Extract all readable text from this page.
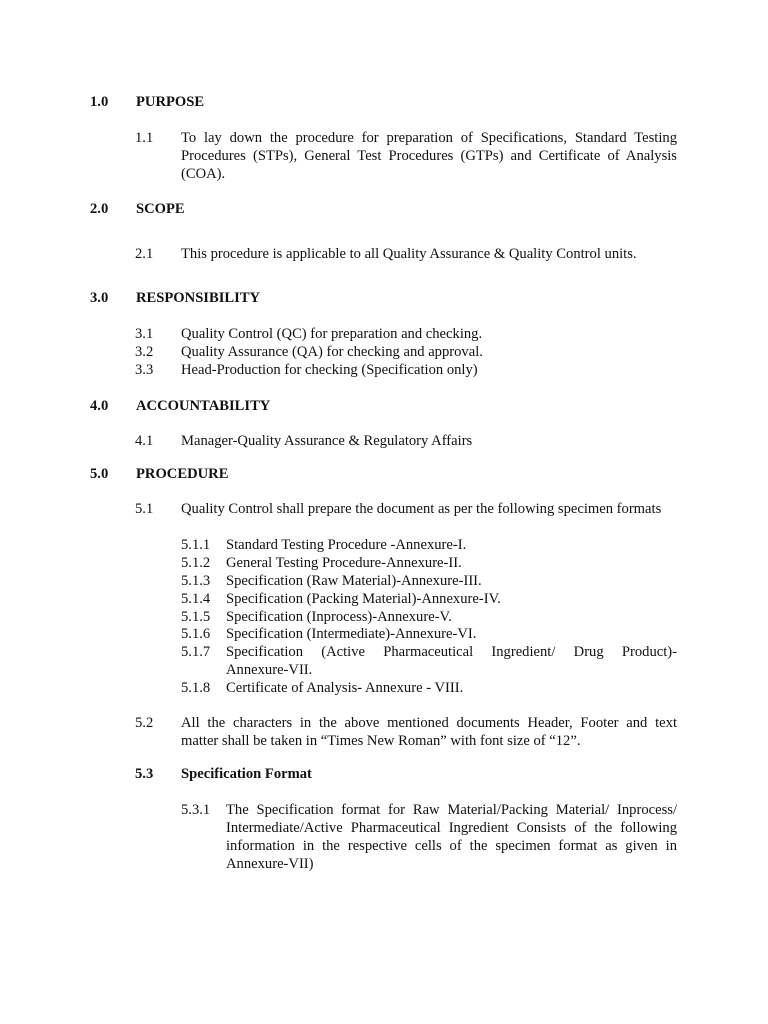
1.0 PURPOSE
1.1 To lay down the procedure for preparation of Specifications, Standard Testing
Procedures (STPs), General Test Procedures (GTPs) and Certificate of Analysis
(COA).
2.0 SCOPE
2.1 This procedure is applicable to all Quality Assurance & Quality Control units.
3.0 RESPONSIBILITY
3.1 Quality Control (QC) for preparation and checking.
3.2 Quality Assurance (QA) for checking and approval.
3.3 Head-Production for checking (Specification only)
4.0 ACCOUNTABILITY
4.1 Manager-Quality Assurance & Regulatory Affairs
5.0 PROCEDURE
5.1 Quality Control shall prepare the document as per the following specimen formats
5.1.1 Standard Testing Procedure -Annexure-I.
5.1.2 General Testing Procedure-Annexure-II.
5.1.3 Specification (Raw Material)-Annexure-III.
5.1.4 Specification (Packing Material)-Annexure-IV.
5.1.5 Specification (Inprocess)-Annexure-V.
5.1.6 Specification (Intermediate)-Annexure-VI.
5.1.7 Specification (Active Pharmaceutical Ingredient/ Drug Product)-
Annexure-VII.
5.1.8 Certificate of Analysis- Annexure - VIII.
5.2 All the characters in the above mentioned documents Header, Footer and text
matter shall be taken in “Times New Roman” with font size of “12”.
5.3 Specification Format
5.3.1 The Specification format for Raw Material/Packing Material/ Inprocess/
Intermediate/Active Pharmaceutical Ingredient Consists of the following
information in the respective cells of the specimen format as given in
Annexure-VII)
